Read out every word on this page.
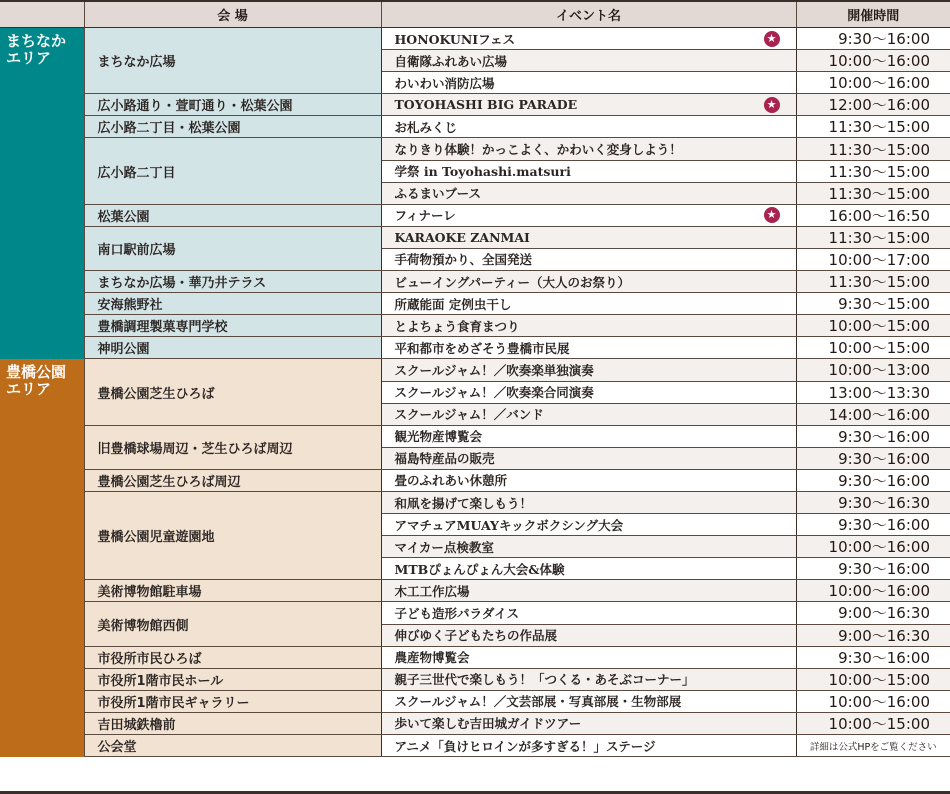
	会 場	イベント名	開催時間
まちなか
エリア	まちなか広場	HONOKUNIフェス ★	9:30〜16:00
		自衛隊ふれあい広場	10:00〜16:00
		わいわい消防広場	10:00〜16:00
	広小路通り・萱町通り・松葉公園	TOYOHASHI BIG PARADE ★	12:00〜16:00
	広小路二丁目・松葉公園	お札みくじ	11:30〜15:00
	広小路二丁目	なりきり体験！かっこよく、かわいく変身しよう！	11:30〜15:00
		学祭 in Toyohashi.matsuri	11:30〜15:00
		ふるまいブース	11:30〜15:00
	松葉公園	フィナーレ ★	16:00〜16:50
	南口駅前広場	KARAOKE ZANMAI	11:30〜15:00
		手荷物預かり、全国発送	10:00〜17:00
	まちなか広場・華乃井テラス	ビューイングパーティー（大人のお祭り）	11:30〜15:00
	安海熊野社	所蔵能面 定例虫干し	9:30〜15:00
	豊橋調理製菓専門学校	とよちょう食育まつり	10:00〜15:00
	神明公園	平和都市をめざそう豊橋市民展	10:00〜15:00
豊橋公園
エリア	豊橋公園芝生ひろば	スクールジャム！／吹奏楽単独演奏	10:00〜13:00
		スクールジャム！／吹奏楽合同演奏	13:00〜13:30
		スクールジャム！／バンド	14:00〜16:00
	旧豊橋球場周辺・芝生ひろば周辺	観光物産博覧会	9:30〜16:00
		福島特産品の販売	9:30〜16:00
	豊橋公園芝生ひろば周辺	畳のふれあい休憩所	9:30〜16:00
	豊橋公園児童遊園地	和凧を揚げて楽しもう！	9:30〜16:30
		アマチュアMUAYキックボクシング大会	9:30〜16:00
		マイカー点検教室	10:00〜16:00
		MTBぴょんぴょん大会&体験	9:30〜16:00
	美術博物館駐車場	木工工作広場	10:00〜16:00
	美術博物館西側	子ども造形パラダイス	9:00〜16:30
		伸びゆく子どもたちの作品展	9:00〜16:30
	市役所市民ひろば	農産物博覧会	9:30〜16:00
	市役所1階市民ホール	親子三世代で楽しもう！「つくる・あそぶコーナー」	10:00〜15:00
	市役所1階市民ギャラリー	スクールジャム！／文芸部展・写真部展・生物部展	10:00〜16:00
	吉田城鉄櫓前	歩いて楽しむ吉田城ガイドツアー	10:00〜15:00
	公会堂	アニメ「負けヒロインが多すぎる！」ステージ	詳細は公式HPをご覧ください
